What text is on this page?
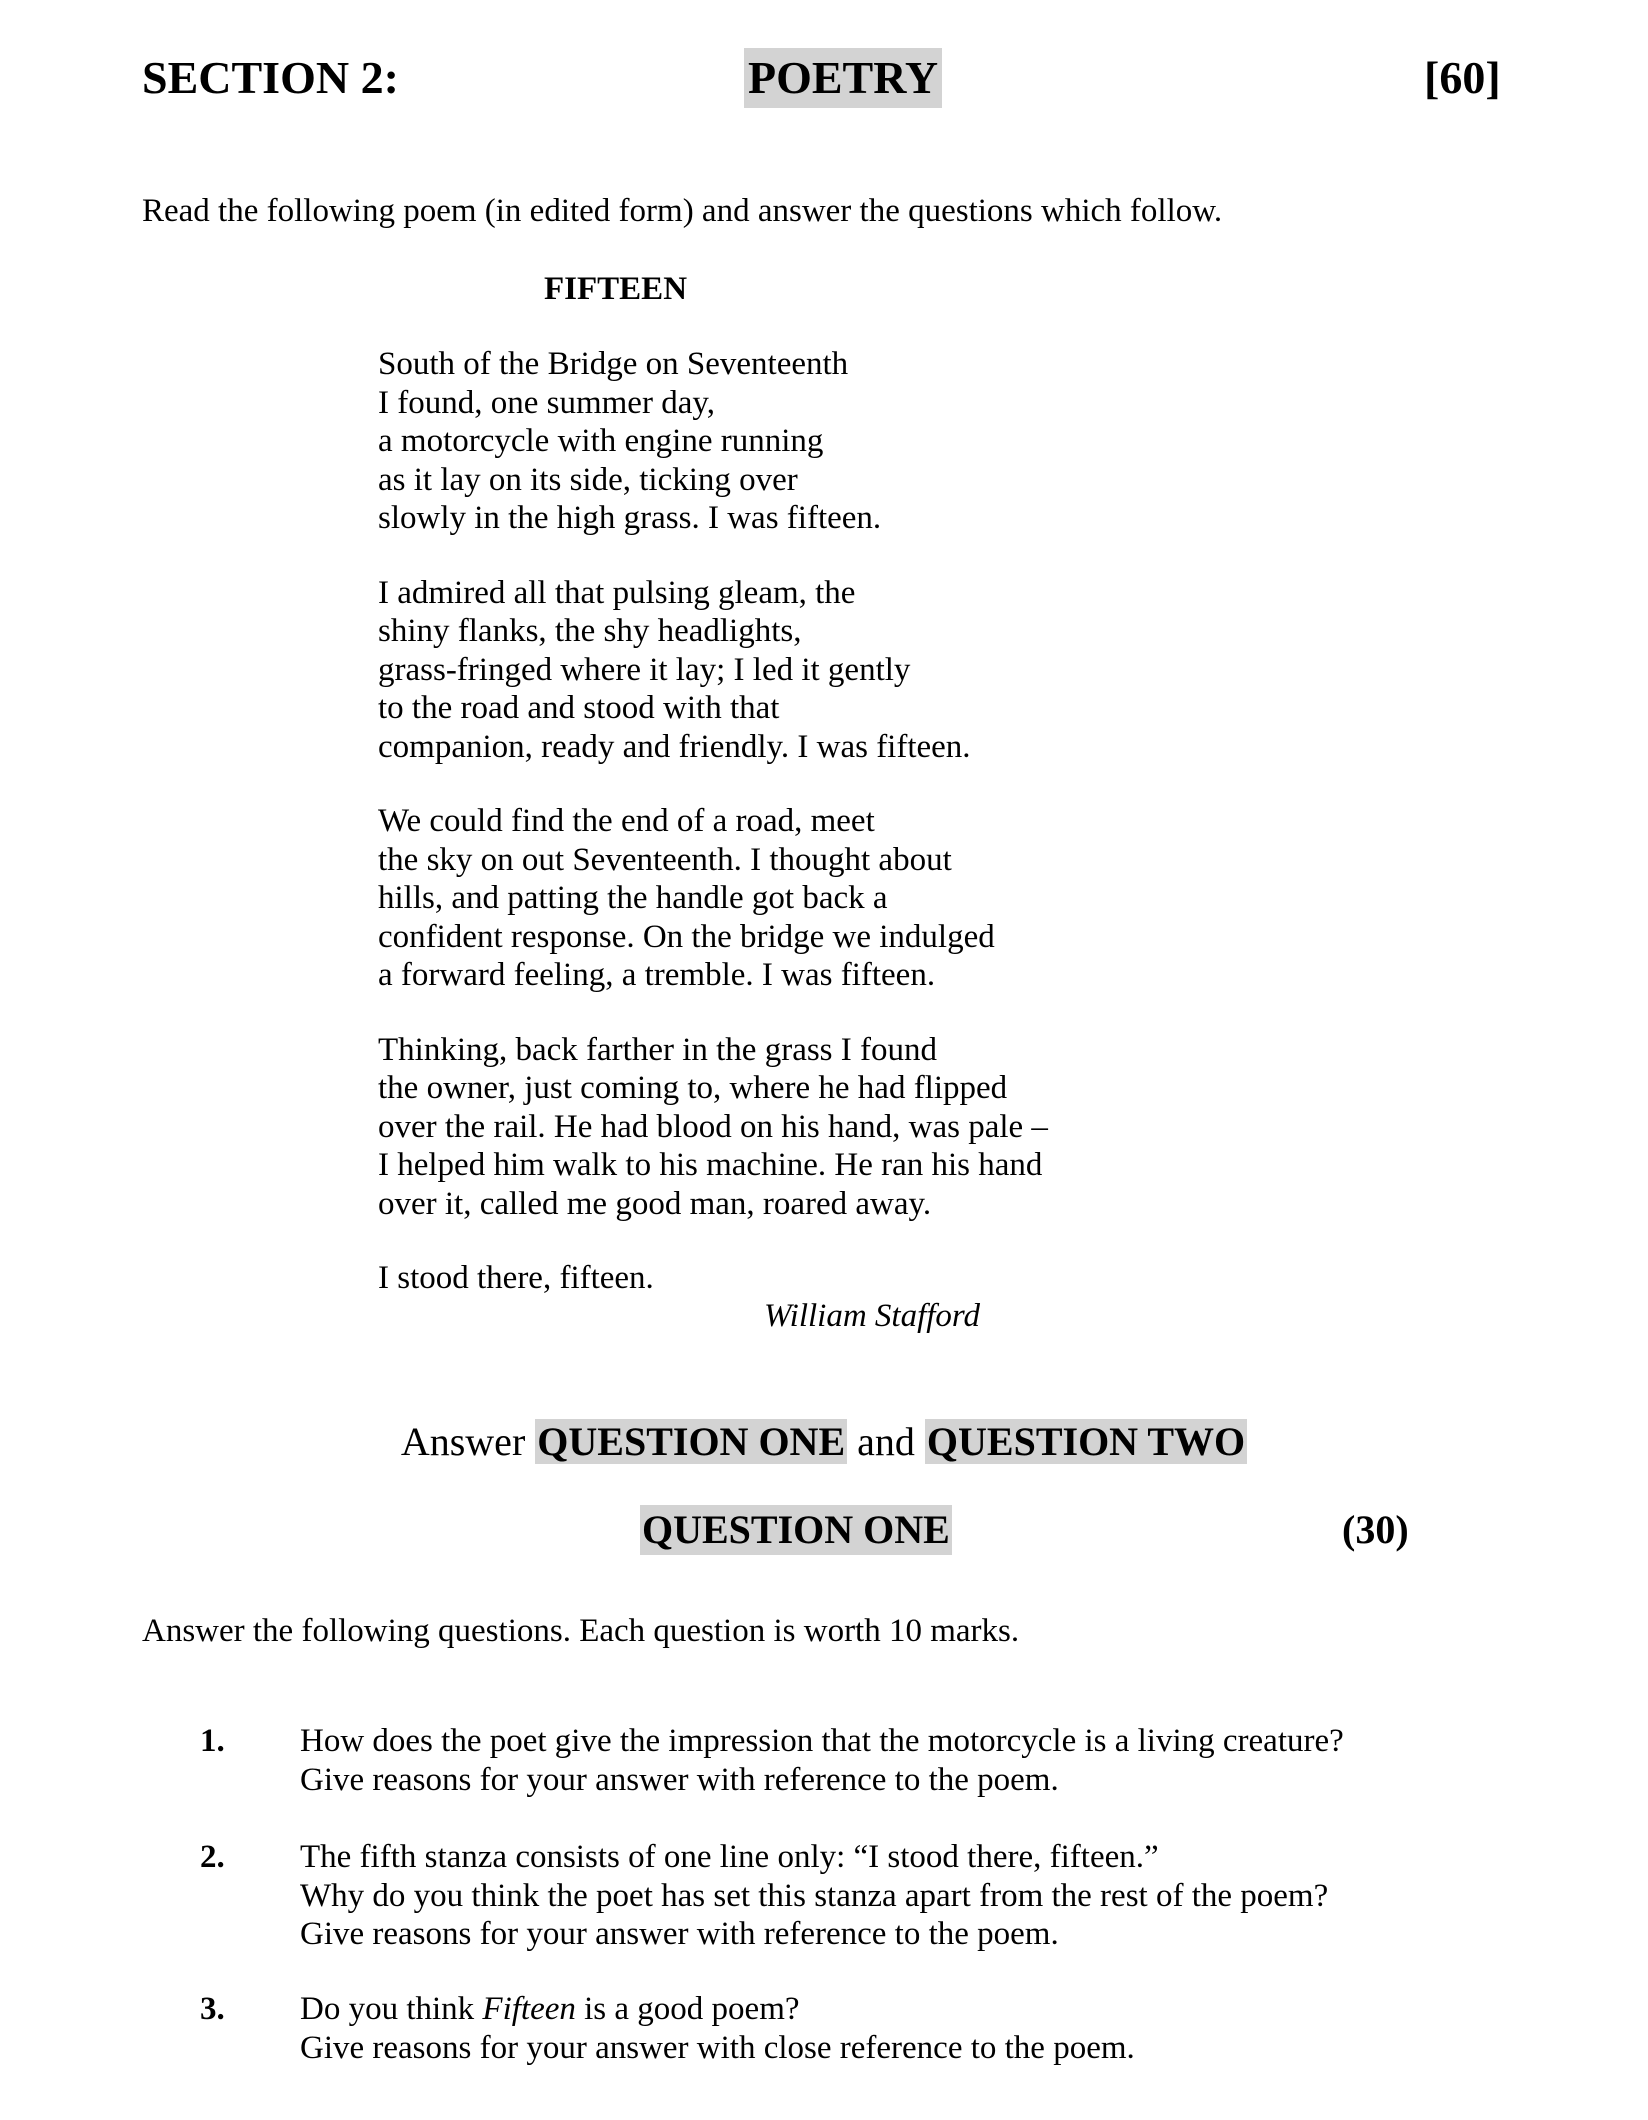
SECTION 2:	POETRY	[60]
Read the following poem (in edited form) and answer the questions which follow.
FIFTEEN
South of the Bridge on Seventeenth
I found, one summer day,
a motorcycle with engine running
as it lay on its side, ticking over
slowly in the high grass. I was fifteen.
I admired all that pulsing gleam, the
shiny flanks, the shy headlights,
grass-fringed where it lay; I led it gently
to the road and stood with that
companion, ready and friendly. I was fifteen.
We could find the end of a road, meet
the sky on out Seventeenth. I thought about
hills, and patting the handle got back a
confident response. On the bridge we indulged
a forward feeling, a tremble. I was fifteen.
Thinking, back farther in the grass I found
the owner, just coming to, where he had flipped
over the rail. He had blood on his hand, was pale –
I helped him walk to his machine. He ran his hand
over it, called me good man, roared away.
I stood there, fifteen.
William Stafford
Answer QUESTION ONE and QUESTION TWO
QUESTION ONE	(30)
Answer the following questions. Each question is worth 10 marks.
1. How does the poet give the impression that the motorcycle is a living creature?
Give reasons for your answer with reference to the poem.
2. The fifth stanza consists of one line only: “I stood there, fifteen.”
Why do you think the poet has set this stanza apart from the rest of the poem?
Give reasons for your answer with reference to the poem.
3. Do you think Fifteen is a good poem?
Give reasons for your answer with close reference to the poem.
